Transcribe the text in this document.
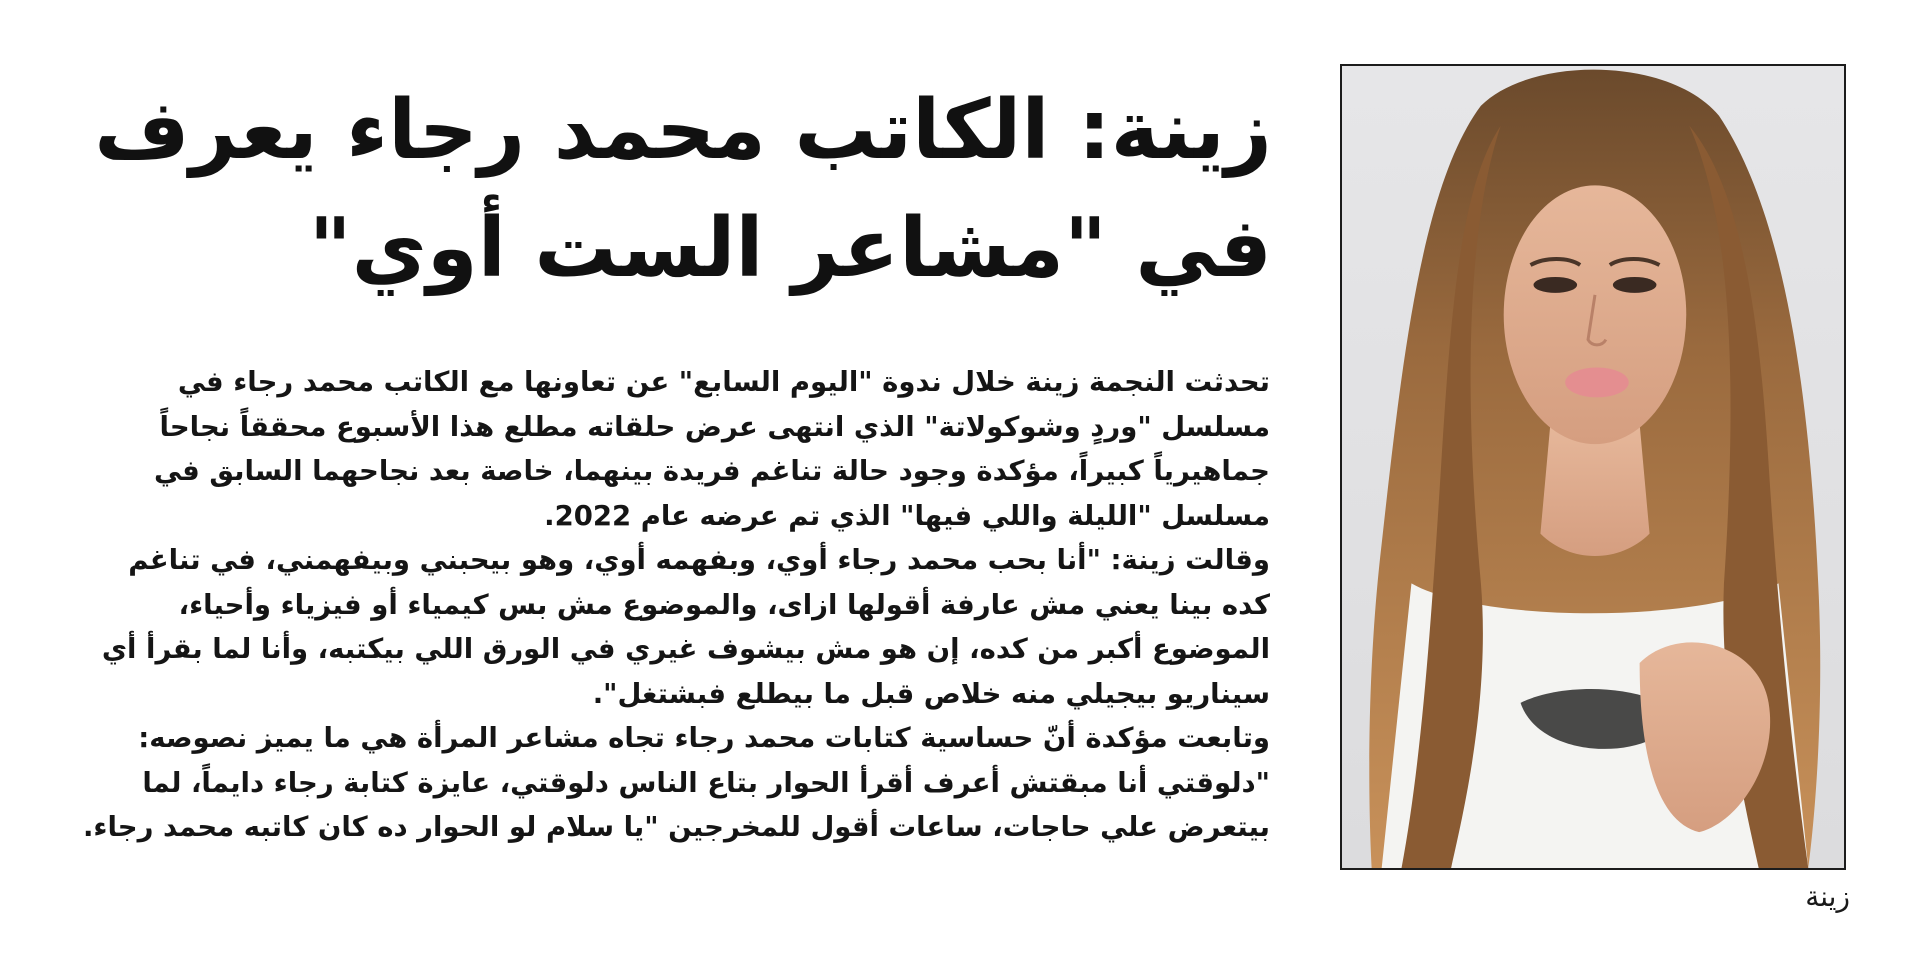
زينة: الكاتب محمد رجاء يعرف
في "مشاعر الست أوي"
تحدثت النجمة زينة خلال ندوة "اليوم السابع" عن تعاونها مع الكاتب محمد رجاء في
مسلسل "وردٍ وشوكولاتة" الذي انتهى عرض حلقاته مطلع هذا الأسبوع محققاً نجاحاً
جماهيرياً كبيراً، مؤكدة وجود حالة تناغم فريدة بينهما، خاصة بعد نجاحهما السابق في
مسلسل "الليلة واللي فيها" الذي تم عرضه عام 2022.
وقالت زينة: "أنا بحب محمد رجاء أوي، وبفهمه أوي، وهو بيحبني وبيفهمني، في تناغم
كده بينا يعني مش عارفة أقولها ازاى، والموضوع مش بس كيمياء أو فيزياء وأحياء،
الموضوع أكبر من كده، إن هو مش بيشوف غيري في الورق اللي بيكتبه، وأنا لما بقرأ أي
سيناريو بيجيلي منه خلاص قبل ما بيطلع فبشتغل".
وتابعت مؤكدة أنّ حساسية كتابات محمد رجاء تجاه مشاعر المرأة هي ما يميز نصوصه:
"دلوقتي أنا مبقتش أعرف أقرأ الحوار بتاع الناس دلوقتي، عايزة كتابة رجاء دايماً، لما
بيتعرض علي حاجات، ساعات أقول للمخرجين "يا سلام لو الحوار ده كان كاتبه محمد رجاء.
زينة
